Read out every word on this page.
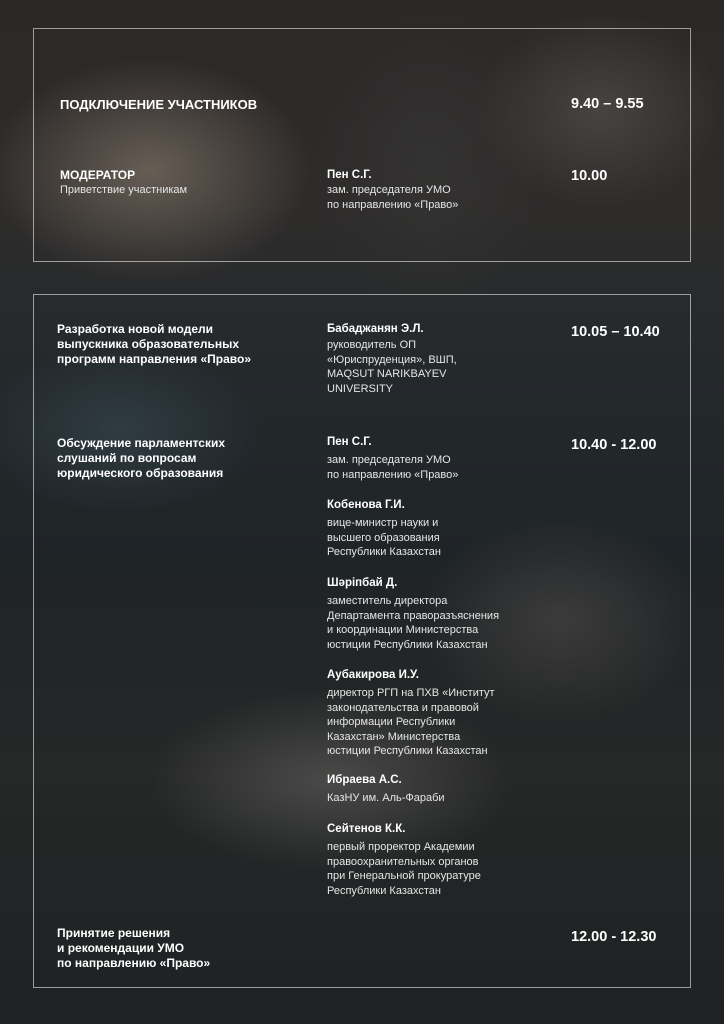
ПОДКЛЮЧЕНИЕ УЧАСТНИКОВ	9.40 – 9.55

МОДЕРАТОР

Приветствие участникам

Пен С.Г.

зам. председателя УМО
по направлению «Право»

10.00

Разработка новой модели
выпускника образовательных
программ направления «Право»

10.05 – 10.40

Бабаджанян Э.Л.

руководитель ОП
«Юриспруденция», ВШП,
MAQSUT NARIKBAYEV
UNIVERSITY

Обсуждение парламентских
слушаний по вопросам
юридического образования

10.40 - 12.00

Пен С.Г.

зам. председателя УМО
по направлению «Право»

Кобенова Г.И.

вице-министр науки и
высшего образования
Республики Казахстан

Шәріпбай Д.

заместитель директора
Департамента праворазъяснения
и координации Министерства
юстиции Республики Казахстан

Аубакирова И.У.

директор РГП на ПХВ «Институт
законодательства и правовой
информации Республики
Казахстан» Министерства
юстиции Республики Казахстан

Ибраева А.С.

КазНУ им. Аль-Фараби

Сейтенов К.К.

первый проректор Академии
правоохранительных органов
при Генеральной прокуратуре
Республики Казахстан

Принятие решения
и рекомендации УМО
по направлению «Право»

12.00 - 12.30
